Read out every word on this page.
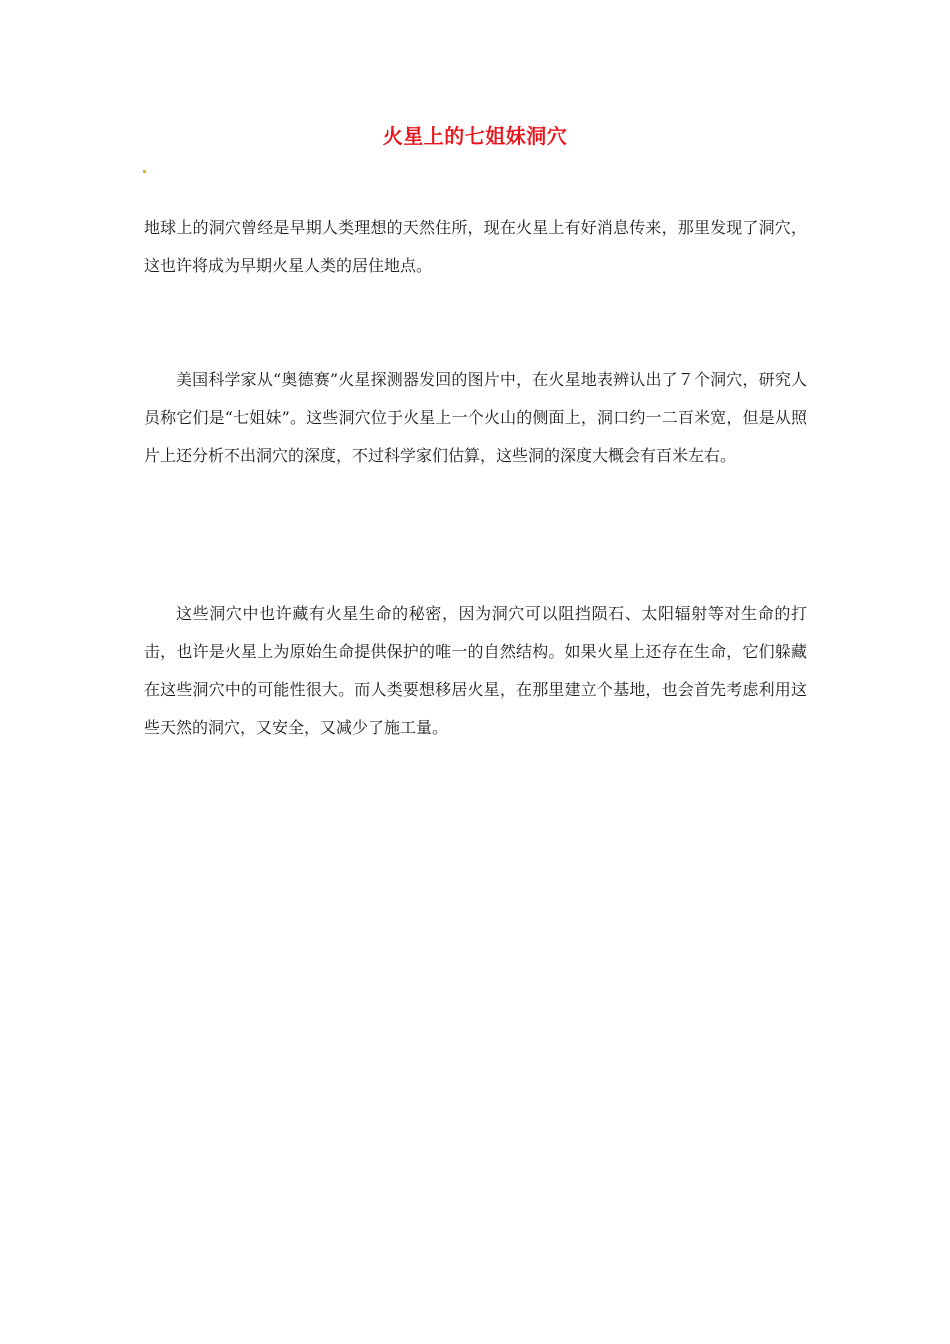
火星上的七姐妹洞穴

地球上的洞穴曾经是早期人类理想的天然住所，现在火星上有好消息传来，那里发现了洞穴，这也许将成为早期火星人类的居住地点。

美国科学家从“奥德赛”火星探测器发回的图片中，在火星地表辨认出了７个洞穴，研究人员称它们是“七姐妹”。这些洞穴位于火星上一个火山的侧面上，洞口约一二百米宽，但是从照片上还分析不出洞穴的深度，不过科学家们估算，这些洞的深度大概会有百米左右。

这些洞穴中也许藏有火星生命的秘密，因为洞穴可以阻挡陨石、太阳辐射等对生命的打击，也许是火星上为原始生命提供保护的唯一的自然结构。如果火星上还存在生命，它们躲藏在这些洞穴中的可能性很大。而人类要想移居火星，在那里建立个基地，也会首先考虑利用这些天然的洞穴，又安全，又减少了施工量。
